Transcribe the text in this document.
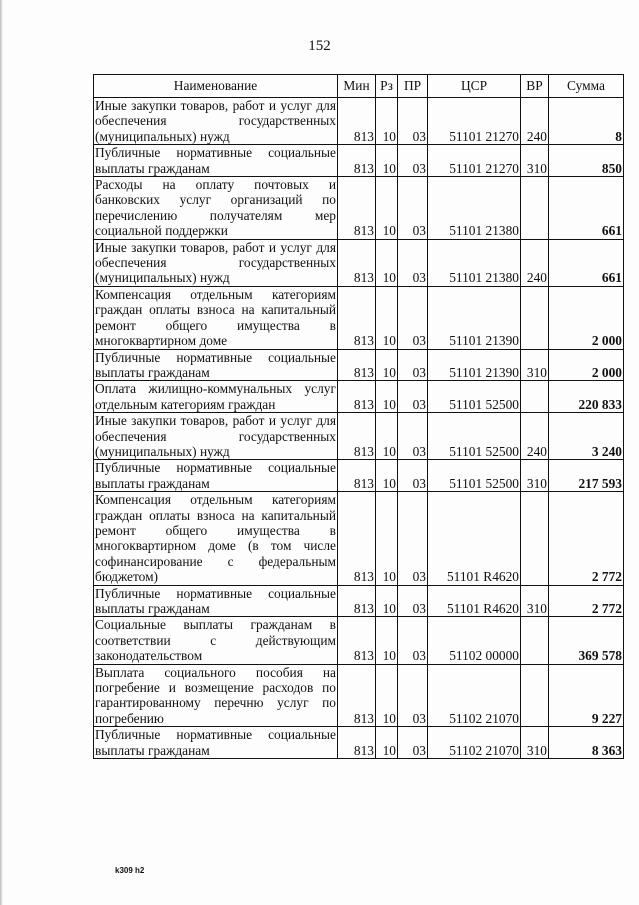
152
Наименование	Мин	Рз	ПР	ЦСР	ВР	Сумма
Иные закупки товаров, работ и услуг для обеспечения государственных (муниципальных) нужд	813	10	03	51101 21270	240	8
Публичные нормативные социальные выплаты гражданам	813	10	03	51101 21270	310	850
Расходы на оплату почтовых и банковских услуг организаций по перечислению получателям мер социальной поддержки	813	10	03	51101 21380		661
Иные закупки товаров, работ и услуг для обеспечения государственных (муниципальных) нужд	813	10	03	51101 21380	240	661
Компенсация отдельным категориям граждан оплаты взноса на капитальный ремонт общего имущества в многоквартирном доме	813	10	03	51101 21390		2 000
Публичные нормативные социальные выплаты гражданам	813	10	03	51101 21390	310	2 000
Оплата жилищно-коммунальных услуг отдельным категориям граждан	813	10	03	51101 52500		220 833
Иные закупки товаров, работ и услуг для обеспечения государственных (муниципальных) нужд	813	10	03	51101 52500	240	3 240
Публичные нормативные социальные выплаты гражданам	813	10	03	51101 52500	310	217 593
Компенсация отдельным категориям граждан оплаты взноса на капитальный ремонт общего имущества в многоквартирном доме (в том числе софинансирование с федеральным бюджетом)	813	10	03	51101 R4620		2 772
Публичные нормативные социальные выплаты гражданам	813	10	03	51101 R4620	310	2 772
Социальные выплаты гражданам в соответствии с действующим законодательством	813	10	03	51102 00000		369 578
Выплата социального пособия на погребение и возмещение расходов по гарантированному перечню услуг по погребению	813	10	03	51102 21070		9 227
Публичные нормативные социальные выплаты гражданам	813	10	03	51102 21070	310	8 363
k309 h2
